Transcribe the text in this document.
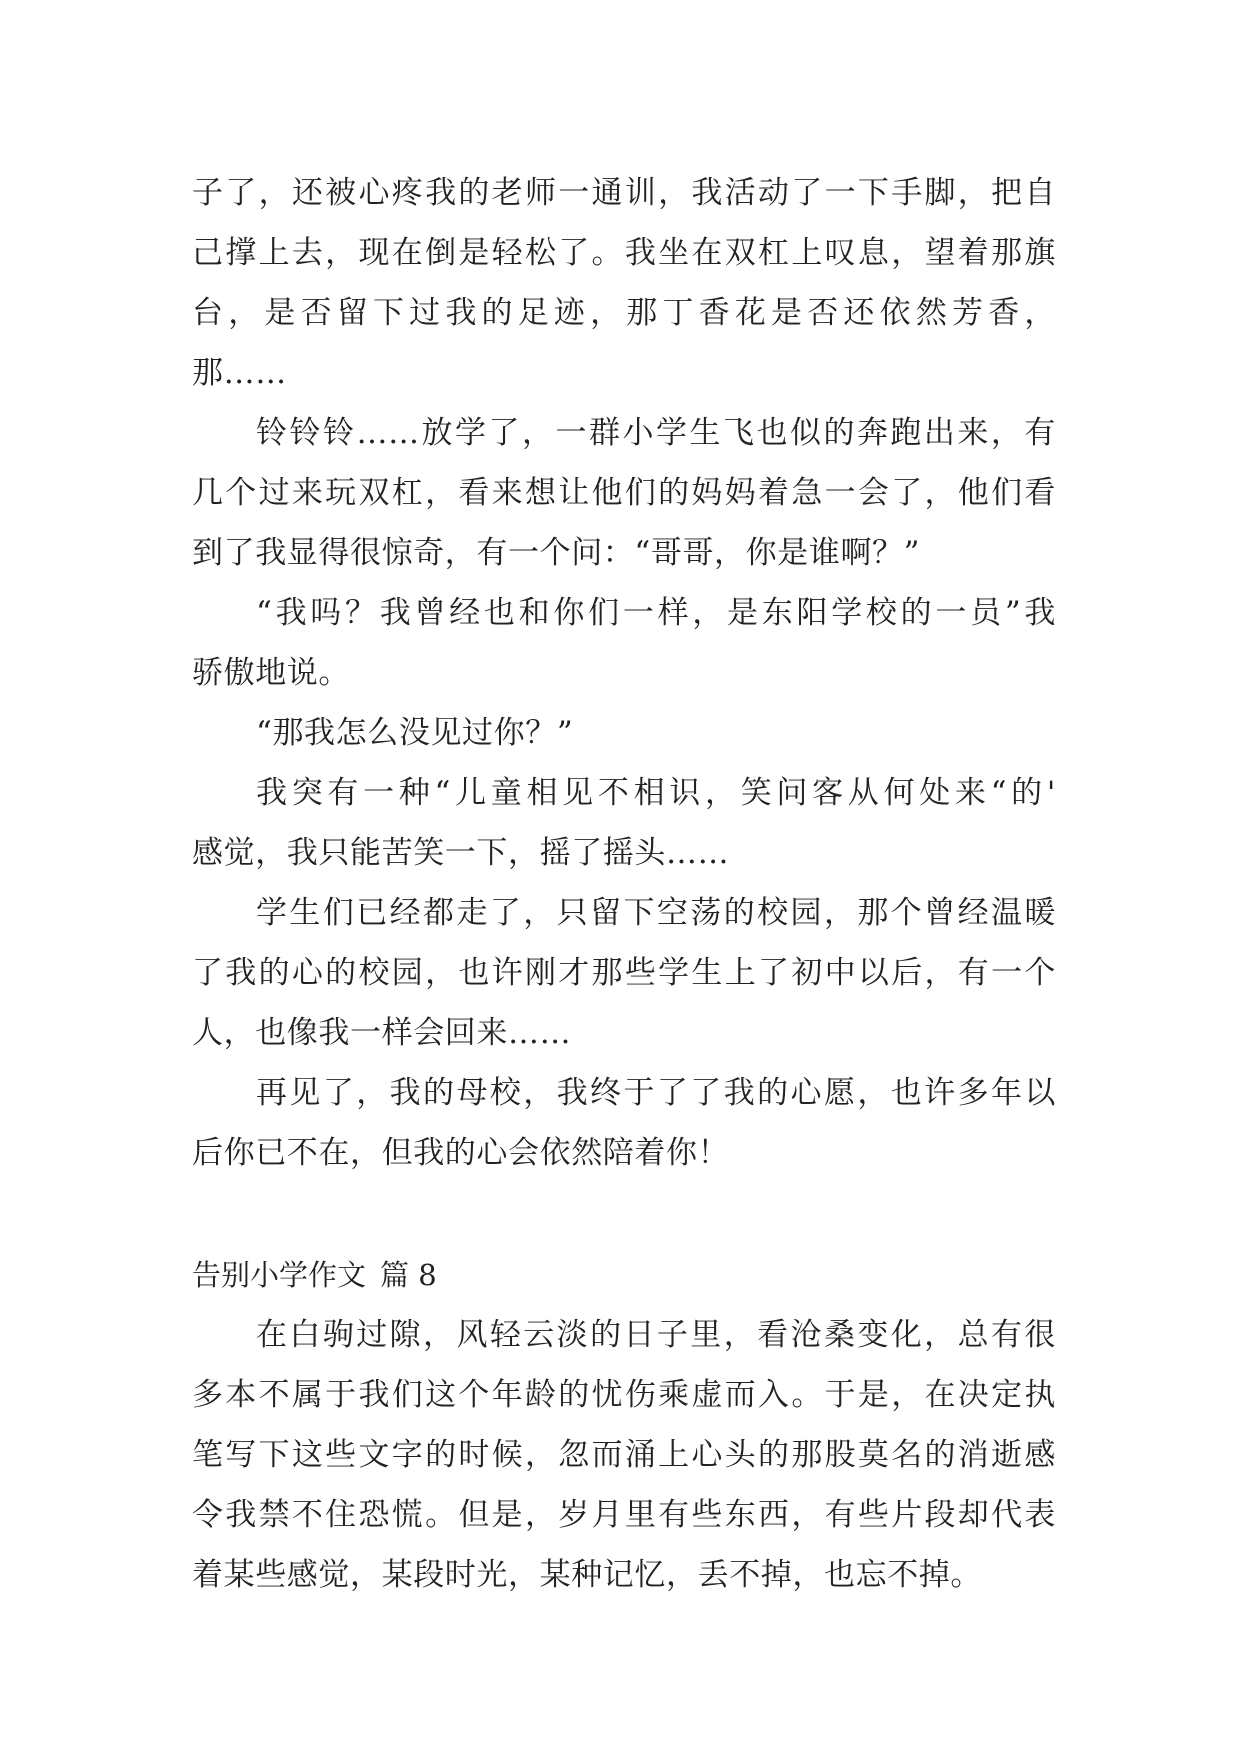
子了，还被心疼我的老师一通训，我活动了一下手脚，把自
己撑上去，现在倒是轻松了。我坐在双杠上叹息，望着那旗
台，是否留下过我的足迹，那丁香花是否还依然芳香，
那……
铃铃铃……放学了，一群小学生飞也似的奔跑出来，有
几个过来玩双杠，看来想让他们的妈妈着急一会了，他们看
到了我显得很惊奇，有一个问：“哥哥，你是谁啊？”
“我吗？我曾经也和你们一样，是东阳学校的一员”我
骄傲地说。
“那我怎么没见过你？”
我突有一种“儿童相见不相识，笑问客从何处来“的'
感觉，我只能苦笑一下，摇了摇头……
学生们已经都走了，只留下空荡的校园，那个曾经温暖
了我的心的校园，也许刚才那些学生上了初中以后，有一个
人，也像我一样会回来……
再见了，我的母校，我终于了了我的心愿，也许多年以
后你已不在，但我的心会依然陪着你！
告别小学作文 篇 8
在白驹过隙，风轻云淡的日子里，看沧桑变化，总有很
多本不属于我们这个年龄的忧伤乘虚而入。于是，在决定执
笔写下这些文字的时候，忽而涌上心头的那股莫名的消逝感
令我禁不住恐慌。但是，岁月里有些东西，有些片段却代表
着某些感觉，某段时光，某种记忆，丢不掉，也忘不掉。
